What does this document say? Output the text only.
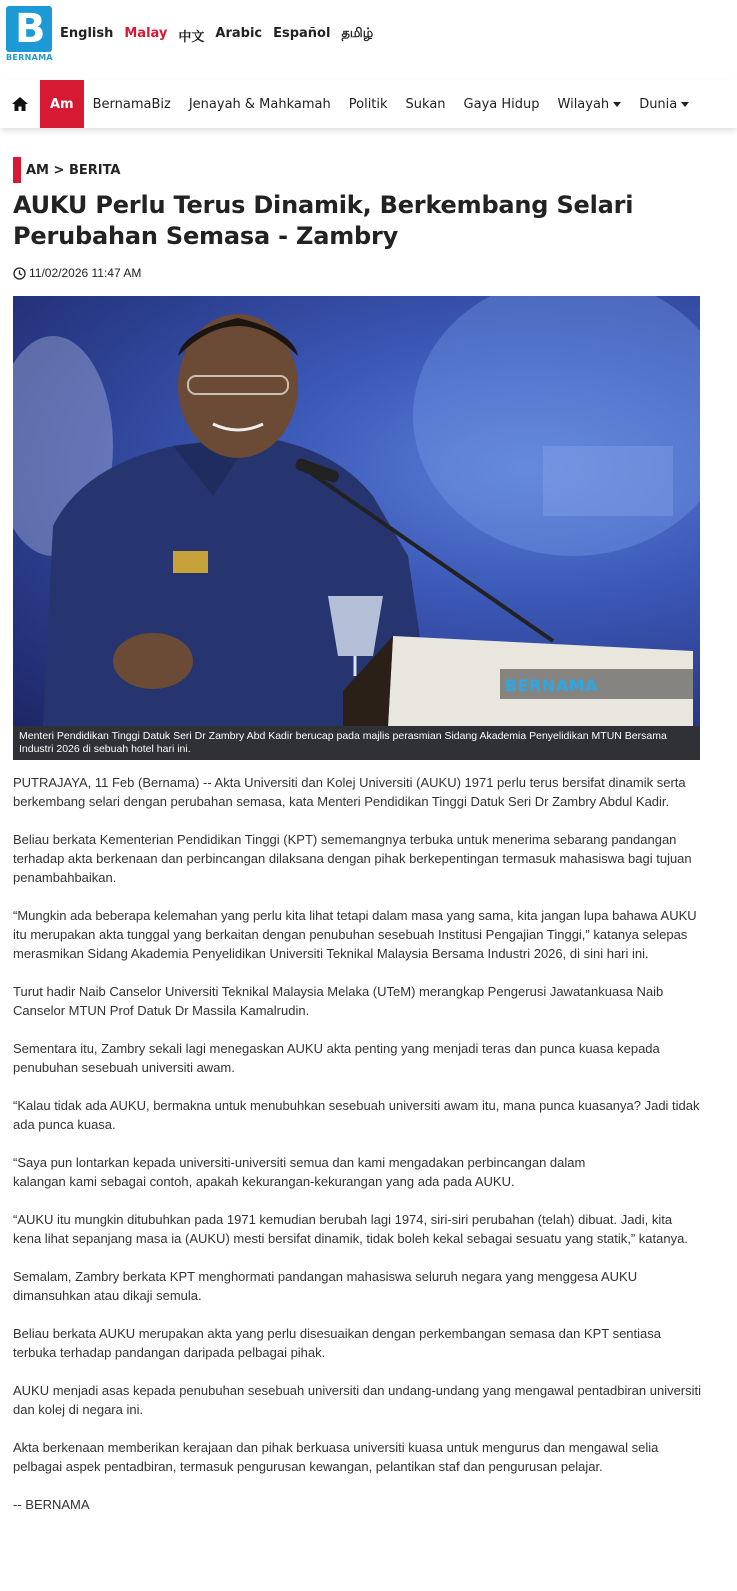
B
BERNAMA
English Malay 中文 Arabic Español தமிழ்
Am	BernamaBiz	Jenayah & Mahkamah	Politik	Sukan	Gaya Hidup	Wilayah Dunia
AM > BERITA
AUKU Perlu Terus Dinamik, Berkembang Selari Perubahan Semasa - Zambry
11/02/2026 11:47 AM
BERNAMA
Menteri Pendidikan Tinggi Datuk Seri Dr Zambry Abd Kadir berucap pada majlis perasmian Sidang Akademia Penyelidikan MTUN Bersama Industri 2026 di sebuah hotel hari ini.

PUTRAJAYA, 11 Feb (Bernama) -- Akta Universiti dan Kolej Universiti (AUKU) 1971 perlu terus bersifat dinamik serta berkembang selari dengan perubahan semasa, kata Menteri Pendidikan Tinggi Datuk Seri Dr Zambry Abdul Kadir.

Beliau berkata Kementerian Pendidikan Tinggi (KPT) sememangnya terbuka untuk menerima sebarang pandangan terhadap akta berkenaan dan perbincangan dilaksana dengan pihak berkepentingan termasuk mahasiswa bagi tujuan penambahbaikan.

“Mungkin ada beberapa kelemahan yang perlu kita lihat tetapi dalam masa yang sama, kita jangan lupa bahawa AUKU itu merupakan akta tunggal yang berkaitan dengan penubuhan sesebuah Institusi Pengajian Tinggi,” katanya selepas merasmikan Sidang Akademia Penyelidikan Universiti Teknikal Malaysia Bersama Industri 2026, di sini hari ini.

Turut hadir Naib Canselor Universiti Teknikal Malaysia Melaka (UTeM) merangkap Pengerusi Jawatankuasa Naib Canselor MTUN Prof Datuk Dr Massila Kamalrudin.

Sementara itu, Zambry sekali lagi menegaskan AUKU akta penting yang menjadi teras dan punca kuasa kepada penubuhan sesebuah universiti awam.

“Kalau tidak ada AUKU, bermakna untuk menubuhkan sesebuah universiti awam itu, mana punca kuasanya? Jadi tidak ada punca kuasa.

“Saya pun lontarkan kepada universiti-universiti semua dan kami mengadakan perbincangan dalam kalangan kami sebagai contoh, apakah kekurangan-kekurangan yang ada pada AUKU.

“AUKU itu mungkin ditubuhkan pada 1971 kemudian berubah lagi 1974, siri-siri perubahan (telah) dibuat. Jadi, kita kena lihat sepanjang masa ia (AUKU) mesti bersifat dinamik, tidak boleh kekal sebagai sesuatu yang statik,” katanya.

Semalam, Zambry berkata KPT menghormati pandangan mahasiswa seluruh negara yang menggesa AUKU dimansuhkan atau dikaji semula.

Beliau berkata AUKU merupakan akta yang perlu disesuaikan dengan perkembangan semasa dan KPT sentiasa terbuka terhadap pandangan daripada pelbagai pihak.

AUKU menjadi asas kepada penubuhan sesebuah universiti dan undang-undang yang mengawal pentadbiran universiti dan kolej di negara ini.

Akta berkenaan memberikan kerajaan dan pihak berkuasa universiti kuasa untuk mengurus dan mengawal selia pelbagai aspek pentadbiran, termasuk pengurusan kewangan, pelantikan staf dan pengurusan pelajar.

-- BERNAMA
